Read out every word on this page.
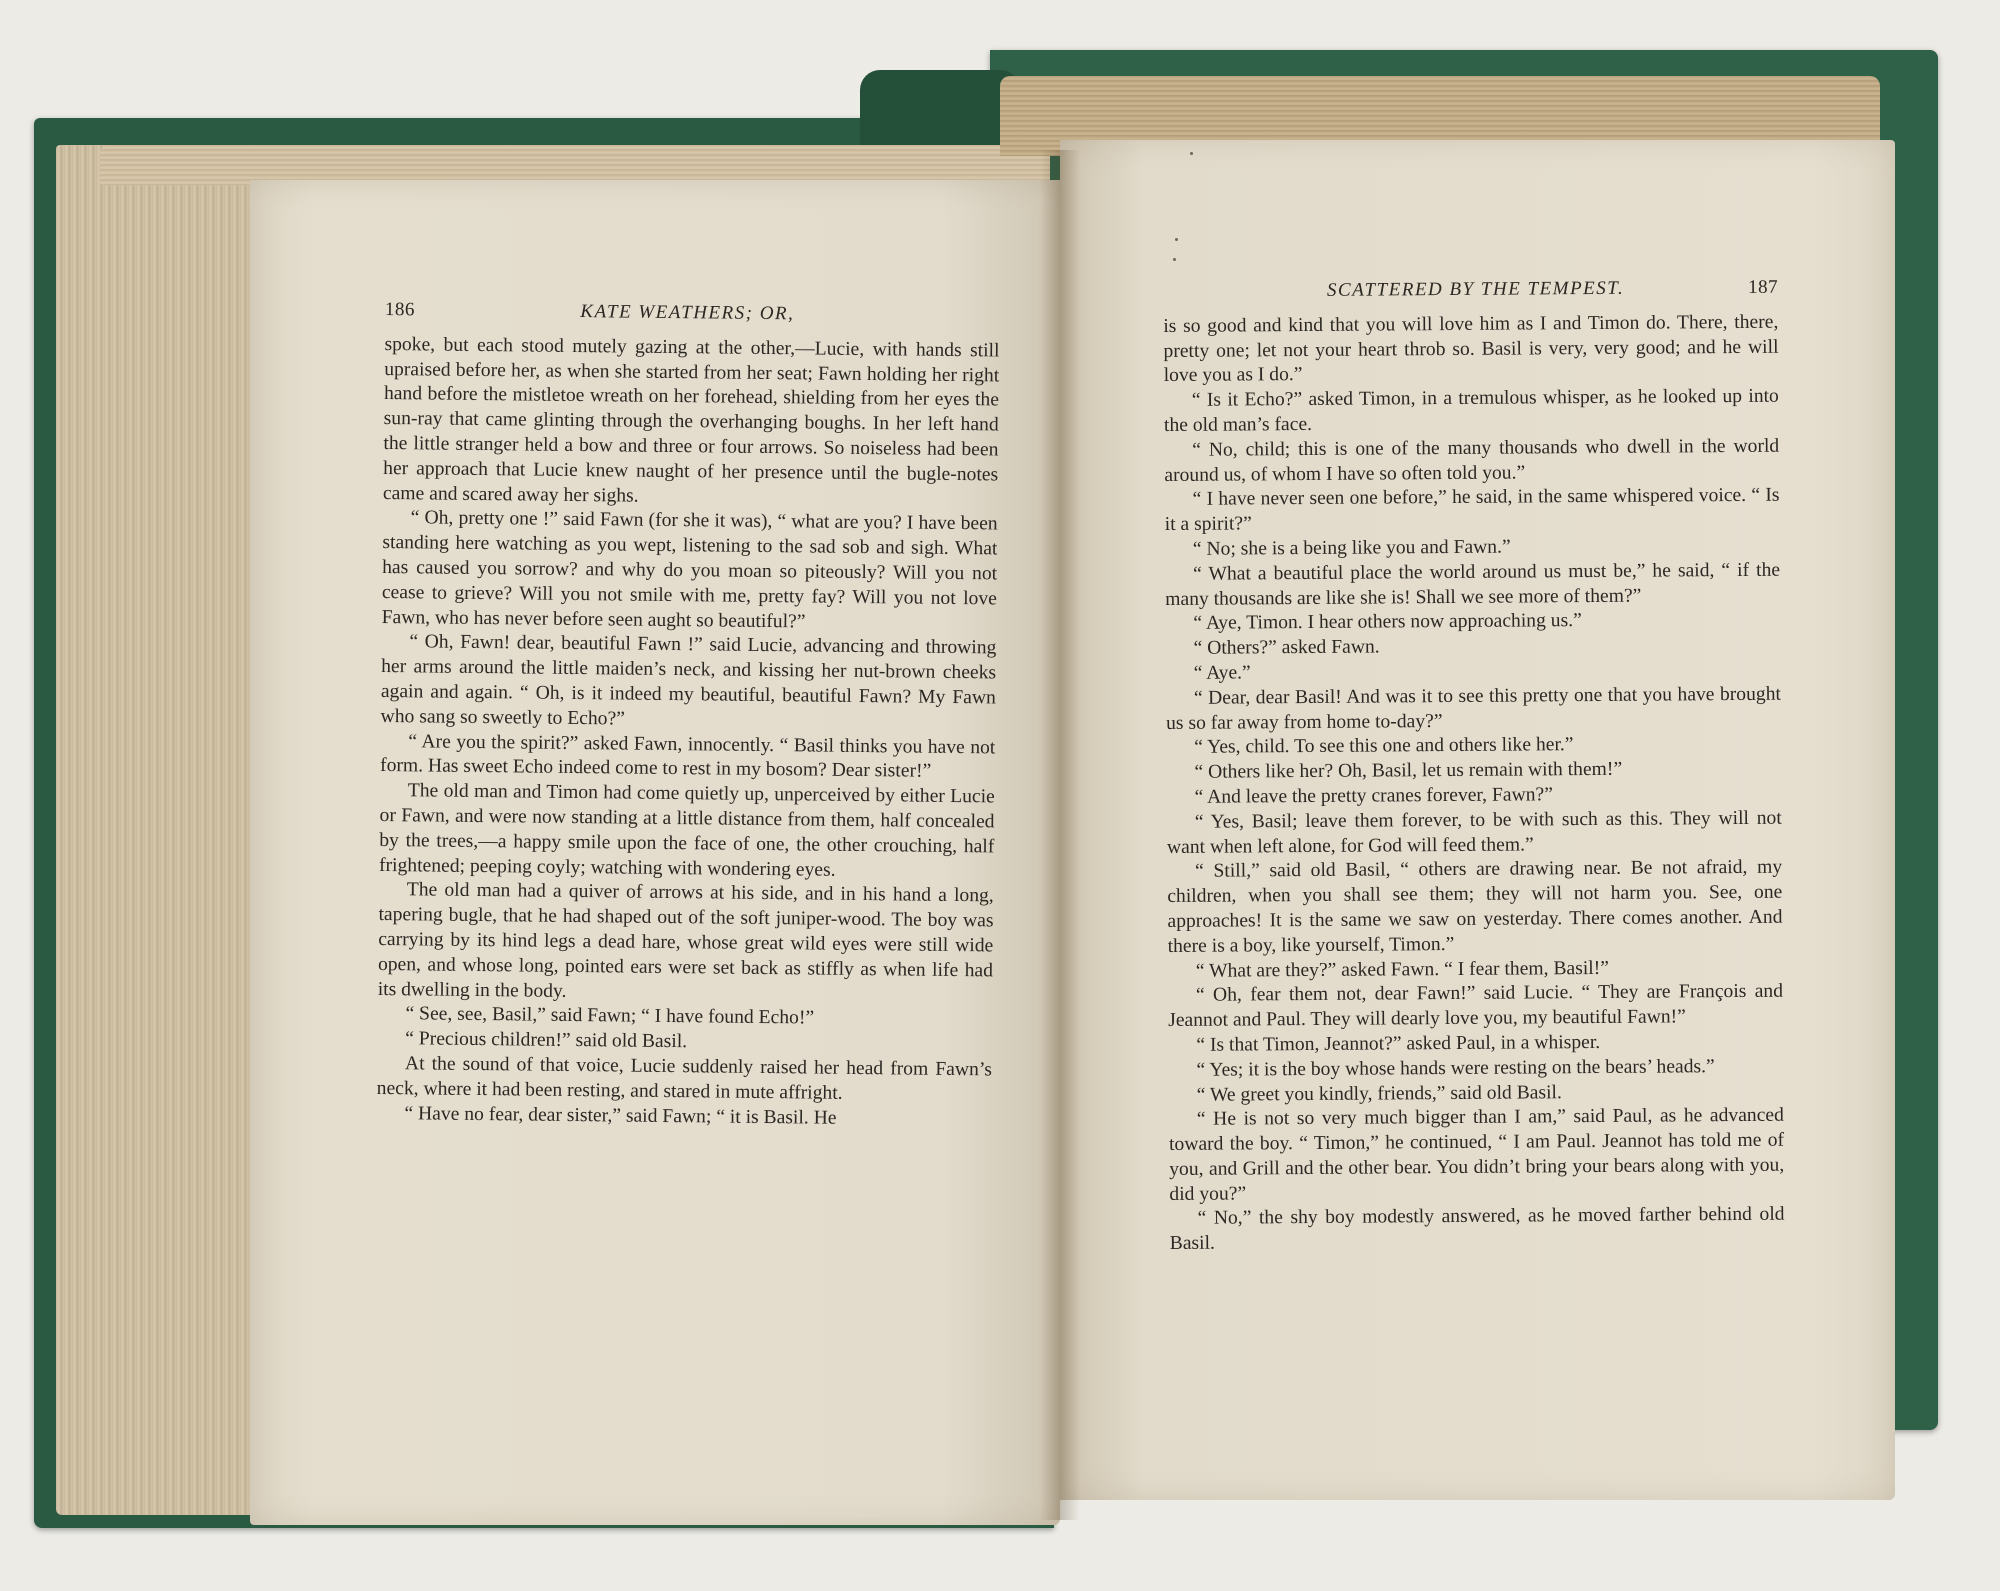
186	KATE WEATHERS; OR,

spoke, but each stood mutely gazing at the other,—Lucie, with hands still upraised before her, as when she started from her seat; Fawn holding her right hand before the mistletoe wreath on her forehead, shielding from her eyes the sun-ray that came glinting through the overhanging boughs. In her left hand the little stranger held a bow and three or four arrows. So noiseless had been her approach that Lucie knew naught of her presence until the bugle-notes came and scared away her sighs.

“ Oh, pretty one !” said Fawn (for she it was), “ what are you? I have been standing here watching as you wept, listening to the sad sob and sigh. What has caused you sorrow? and why do you moan so piteously? Will you not cease to grieve? Will you not smile with me, pretty fay? Will you not love Fawn, who has never before seen aught so beautiful?”

“ Oh, Fawn! dear, beautiful Fawn !” said Lucie, advancing and throwing her arms around the little maiden’s neck, and kissing her nut-brown cheeks again and again. “ Oh, is it indeed my beautiful, beautiful Fawn? My Fawn who sang so sweetly to Echo?”

“ Are you the spirit?” asked Fawn, innocently. “ Basil thinks you have not form. Has sweet Echo indeed come to rest in my bosom? Dear sister!”

The old man and Timon had come quietly up, unperceived by either Lucie or Fawn, and were now standing at a little distance from them, half concealed by the trees,—a happy smile upon the face of one, the other crouching, half frightened; peeping coyly; watching with wondering eyes.

The old man had a quiver of arrows at his side, and in his hand a long, tapering bugle, that he had shaped out of the soft juniper-wood. The boy was carrying by its hind legs a dead hare, whose great wild eyes were still wide open, and whose long, pointed ears were set back as stiffly as when life had its dwelling in the body.

“ See, see, Basil,” said Fawn; “ I have found Echo!”

“ Precious children!” said old Basil.

At the sound of that voice, Lucie suddenly raised her head from Fawn’s neck, where it had been resting, and stared in mute affright.

“ Have no fear, dear sister,” said Fawn; “ it is Basil. He

SCATTERED BY THE TEMPEST.	187

is so good and kind that you will love him as I and Timon do. There, there, pretty one; let not your heart throb so. Basil is very, very good; and he will love you as I do.”

“ Is it Echo?” asked Timon, in a tremulous whisper, as he looked up into the old man’s face.

“ No, child; this is one of the many thousands who dwell in the world around us, of whom I have so often told you.”

“ I have never seen one before,” he said, in the same whispered voice. “ Is it a spirit?”

“ No; she is a being like you and Fawn.”

“ What a beautiful place the world around us must be,” he said, “ if the many thousands are like she is! Shall we see more of them?”

“ Aye, Timon. I hear others now approaching us.”

“ Others?” asked Fawn.

“ Aye.”

“ Dear, dear Basil! And was it to see this pretty one that you have brought us so far away from home to-day?”

“ Yes, child. To see this one and others like her.”

“ Others like her? Oh, Basil, let us remain with them!”

“ And leave the pretty cranes forever, Fawn?”

“ Yes, Basil; leave them forever, to be with such as this. They will not want when left alone, for God will feed them.”

“ Still,” said old Basil, “ others are drawing near. Be not afraid, my children, when you shall see them; they will not harm you. See, one approaches! It is the same we saw on yesterday. There comes another. And there is a boy, like yourself, Timon.”

“ What are they?” asked Fawn. “ I fear them, Basil!”

“ Oh, fear them not, dear Fawn!” said Lucie. “ They are François and Jeannot and Paul. They will dearly love you, my beautiful Fawn!”

“ Is that Timon, Jeannot?” asked Paul, in a whisper.

“ Yes; it is the boy whose hands were resting on the bears’ heads.”

“ We greet you kindly, friends,” said old Basil.

“ He is not so very much bigger than I am,” said Paul, as he advanced toward the boy. “ Timon,” he continued, “ I am Paul. Jeannot has told me of you, and Grill and the other bear. You didn’t bring your bears along with you, did you?”

“ No,” the shy boy modestly answered, as he moved farther behind old Basil.
